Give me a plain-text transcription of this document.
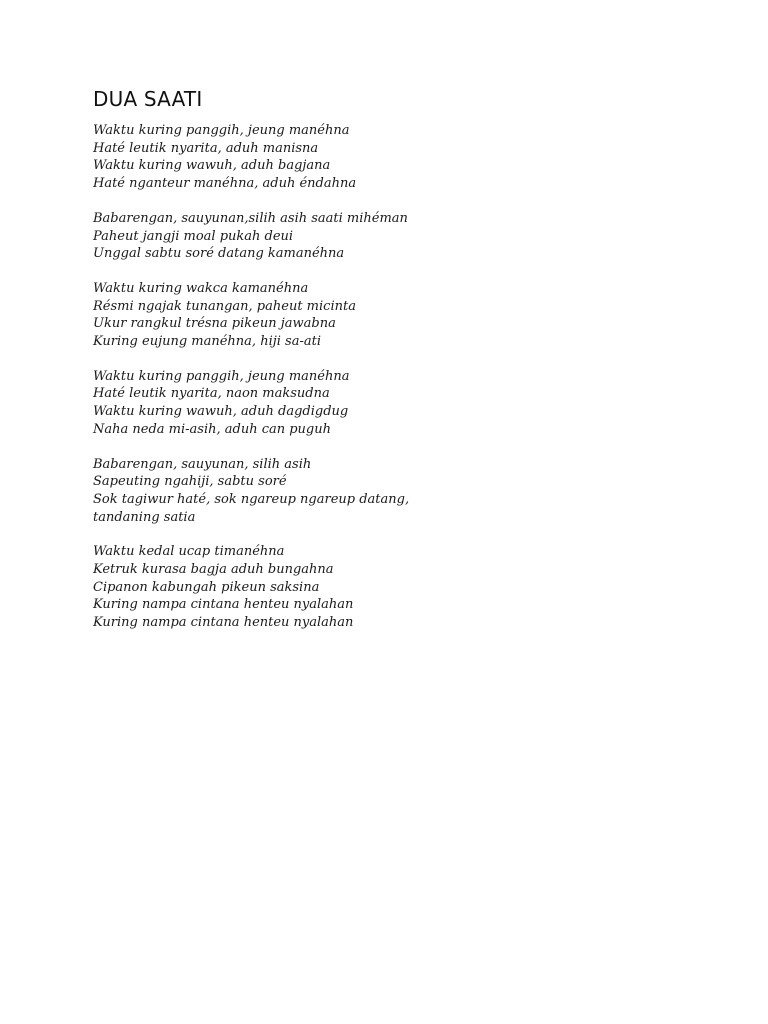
DUA SAATI
Waktu kuring panggih, jeung manéhna
Haté leutik nyarita, aduh manisna
Waktu kuring wawuh, aduh bagjana
Haté nganteur manéhna, aduh éndahna
Babarengan, sauyunan,silih asih saati mihéman
Paheut jangji moal pukah deui
Unggal sabtu soré datang kamanéhna
Waktu kuring wakca kamanéhna
Résmi ngajak tunangan, paheut micinta
Ukur rangkul trésna pikeun jawabna
Kuring eujung manéhna, hiji sa-ati
Waktu kuring panggih, jeung manéhna
Haté leutik nyarita, naon maksudna
Waktu kuring wawuh, aduh dagdigdug
Naha neda mi-asih, aduh can puguh
Babarengan, sauyunan, silih asih
Sapeuting ngahiji, sabtu soré
Sok tagiwur haté, sok ngareup ngareup datang,
tandaning satia
Waktu kedal ucap timanéhna
Ketruk kurasa bagja aduh bungahna
Cipanon kabungah pikeun saksina
Kuring nampa cintana henteu nyalahan
Kuring nampa cintana henteu nyalahan
